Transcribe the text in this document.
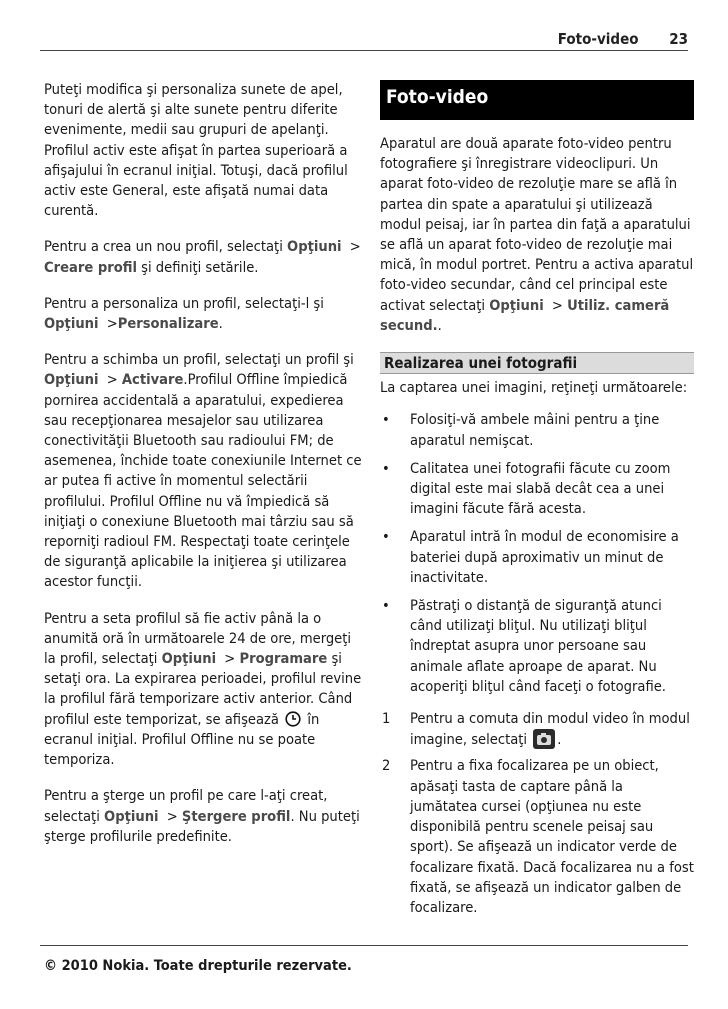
Foto-video 23

Puteţi modifica şi personaliza sunete de apel, tonuri de alertă şi alte sunete pentru diferite evenimente, medii sau grupuri de apelanţi. Profilul activ este afişat în partea superioară a afişajului în ecranul iniţial. Totuşi, dacă profilul activ este General, este afişată numai data curentă.

Pentru a crea un nou profil, selectaţi Opţiuni > Creare profil şi definiţi setările.

Pentru a personaliza un profil, selectaţi-l şi Opţiuni >Personalizare.

Pentru a schimba un profil, selectaţi un profil şi Opţiuni > Activare.Profilul Offline împiedică pornirea accidentală a aparatului, expedierea sau recepţionarea mesajelor sau utilizarea conectivităţii Bluetooth sau radioului FM; de asemenea, închide toate conexiunile Internet ce ar putea fi active în momentul selectării profilului. Profilul Offline nu vă împiedică să iniţiaţi o conexiune Bluetooth mai târziu sau să reporniţi radioul FM. Respectaţi toate cerinţele de siguranţă aplicabile la iniţierea şi utilizarea acestor funcţii.

Pentru a seta profilul să fie activ până la o anumită oră în următoarele 24 de ore, mergeţi la profil, selectaţi Opţiuni > Programare şi setaţi ora. La expirarea perioadei, profilul revine la profilul fără temporizare activ anterior. Când profilul este temporizat, se afişează în ecranul iniţial. Profilul Offline nu se poate temporiza.

Pentru a şterge un profil pe care l-aţi creat, selectaţi Opţiuni > Ştergere profil. Nu puteţi şterge profilurile predefinite.

Foto-video

Aparatul are două aparate foto-video pentru fotografiere şi înregistrare videoclipuri. Un aparat foto-video de rezoluţie mare se află în partea din spate a aparatului şi utilizează modul peisaj, iar în partea din faţă a aparatului se află un aparat foto-video de rezoluţie mai mică, în modul portret. Pentru a activa aparatul foto-video secundar, când cel principal este activat selectaţi Opţiuni > Utiliz. cameră secund..

Realizarea unei fotografii

La captarea unei imagini, reţineţi următoarele:

• Folosiţi-vă ambele mâini pentru a ţine aparatul nemişcat.
• Calitatea unei fotografii făcute cu zoom digital este mai slabă decât cea a unei imagini făcute fără acesta.
• Aparatul intră în modul de economisire a bateriei după aproximativ un minut de inactivitate.
• Păstraţi o distanţă de siguranţă atunci când utilizaţi bliţul. Nu utilizaţi bliţul îndreptat asupra unor persoane sau animale aflate aproape de aparat. Nu acoperiţi bliţul când faceţi o fotografie.
1 Pentru a comuta din modul video în modul imagine, selectaţi .
2 Pentru a fixa focalizarea pe un obiect, apăsaţi tasta de captare până la jumătatea cursei (opţiunea nu este disponibilă pentru scenele peisaj sau sport). Se afişează un indicator verde de focalizare fixată. Dacă focalizarea nu a fost fixată, se afişează un indicator galben de focalizare.
© 2010 Nokia. Toate drepturile rezervate.
